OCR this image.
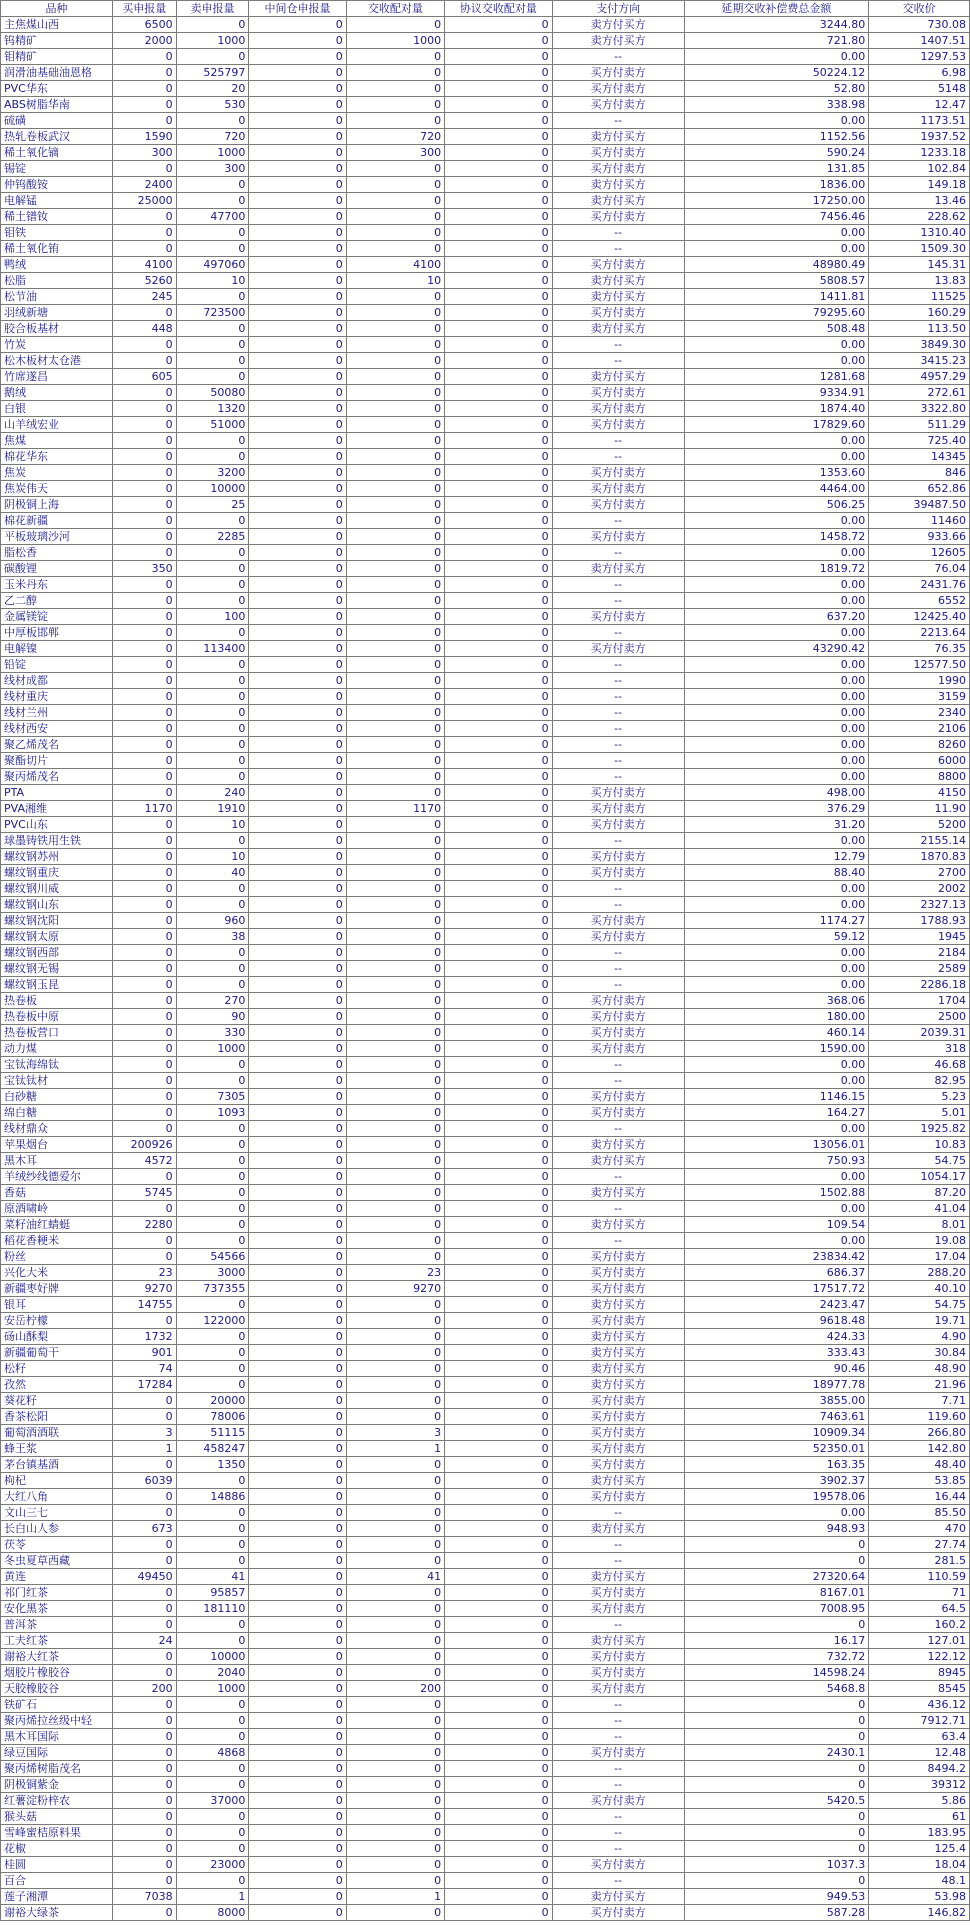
品种	买申报量	卖申报量	中间仓申报量	交收配对量	协议交收配对量	支付方向	延期交收补偿费总金额	交收价
主焦煤山西	6500	0	0	0	0	卖方付买方	3244.80	730.08
钨精矿	2000	1000	0	1000	0	卖方付买方	721.80	1407.51
钼精矿	0	0	0	0	0	--	0.00	1297.53
润滑油基础油恩格	0	525797	0	0	0	买方付卖方	50224.12	6.98
PVC华东	0	20	0	0	0	买方付卖方	52.80	5148
ABS树脂华南	0	530	0	0	0	买方付卖方	338.98	12.47
硫磺	0	0	0	0	0	--	0.00	1173.51
热轧卷板武汉	1590	720	0	720	0	卖方付买方	1152.56	1937.52
稀土氧化镝	300	1000	0	300	0	买方付卖方	590.24	1233.18
锡锭	0	300	0	0	0	买方付卖方	131.85	102.84
仲钨酸铵	2400	0	0	0	0	卖方付买方	1836.00	149.18
电解锰	25000	0	0	0	0	卖方付买方	17250.00	13.46
稀土镨钕	0	47700	0	0	0	买方付卖方	7456.46	228.62
钼铁	0	0	0	0	0	--	0.00	1310.40
稀土氧化铕	0	0	0	0	0	--	0.00	1509.30
鸭绒	4100	497060	0	4100	0	买方付卖方	48980.49	145.31
松脂	5260	10	0	10	0	卖方付买方	5808.57	13.83
松节油	245	0	0	0	0	卖方付买方	1411.81	11525
羽绒新塘	0	723500	0	0	0	买方付卖方	79295.60	160.29
胶合板基材	448	0	0	0	0	卖方付买方	508.48	113.50
竹炭	0	0	0	0	0	--	0.00	3849.30
松木板材太仓港	0	0	0	0	0	--	0.00	3415.23
竹席遂昌	605	0	0	0	0	卖方付买方	1281.68	4957.29
鹅绒	0	50080	0	0	0	买方付卖方	9334.91	272.61
白银	0	1320	0	0	0	买方付卖方	1874.40	3322.80
山羊绒宏业	0	51000	0	0	0	买方付卖方	17829.60	511.29
焦煤	0	0	0	0	0	--	0.00	725.40
棉花华东	0	0	0	0	0	--	0.00	14345
焦炭	0	3200	0	0	0	买方付卖方	1353.60	846
焦炭伟天	0	10000	0	0	0	买方付卖方	4464.00	652.86
阴极铜上海	0	25	0	0	0	买方付卖方	506.25	39487.50
棉花新疆	0	0	0	0	0	--	0.00	11460
平板玻璃沙河	0	2285	0	0	0	买方付卖方	1458.72	933.66
脂松香	0	0	0	0	0	--	0.00	12605
碳酸锂	350	0	0	0	0	卖方付买方	1819.72	76.04
玉米丹东	0	0	0	0	0	--	0.00	2431.76
乙二醇	0	0	0	0	0	--	0.00	6552
金属镁锭	0	100	0	0	0	买方付卖方	637.20	12425.40
中厚板邯郸	0	0	0	0	0	--	0.00	2213.64
电解镍	0	113400	0	0	0	买方付卖方	43290.42	76.35
铅锭	0	0	0	0	0	--	0.00	12577.50
线材成都	0	0	0	0	0	--	0.00	1990
线材重庆	0	0	0	0	0	--	0.00	3159
线材兰州	0	0	0	0	0	--	0.00	2340
线材西安	0	0	0	0	0	--	0.00	2106
聚乙烯茂名	0	0	0	0	0	--	0.00	8260
聚酯切片	0	0	0	0	0	--	0.00	6000
聚丙烯茂名	0	0	0	0	0	--	0.00	8800
PTA	0	240	0	0	0	买方付卖方	498.00	4150
PVA湘维	1170	1910	0	1170	0	买方付卖方	376.29	11.90
PVC山东	0	10	0	0	0	买方付卖方	31.20	5200
球墨铸铁用生铁	0	0	0	0	0	--	0.00	2155.14
螺纹钢苏州	0	10	0	0	0	买方付卖方	12.79	1870.83
螺纹钢重庆	0	40	0	0	0	买方付卖方	88.40	2700
螺纹钢川威	0	0	0	0	0	--	0.00	2002
螺纹钢山东	0	0	0	0	0	--	0.00	2327.13
螺纹钢沈阳	0	960	0	0	0	买方付卖方	1174.27	1788.93
螺纹钢太原	0	38	0	0	0	买方付卖方	59.12	1945
螺纹钢西部	0	0	0	0	0	--	0.00	2184
螺纹钢无锡	0	0	0	0	0	--	0.00	2589
螺纹钢玉昆	0	0	0	0	0	--	0.00	2286.18
热卷板	0	270	0	0	0	买方付卖方	368.06	1704
热卷板中原	0	90	0	0	0	买方付卖方	180.00	2500
热卷板营口	0	330	0	0	0	买方付卖方	460.14	2039.31
动力煤	0	1000	0	0	0	买方付卖方	1590.00	318
宝钛海绵钛	0	0	0	0	0	--	0.00	46.68
宝钛钛材	0	0	0	0	0	--	0.00	82.95
白砂糖	0	7305	0	0	0	买方付卖方	1146.15	5.23
绵白糖	0	1093	0	0	0	买方付卖方	164.27	5.01
线材鼎众	0	0	0	0	0	--	0.00	1925.82
苹果烟台	200926	0	0	0	0	卖方付买方	13056.01	10.83
黑木耳	4572	0	0	0	0	卖方付买方	750.93	54.75
羊绒纱线德爱尔	0	0	0	0	0	--	0.00	1054.17
香菇	5745	0	0	0	0	卖方付买方	1502.88	87.20
原酒啸岭	0	0	0	0	0	--	0.00	41.04
菜籽油红蜻蜓	2280	0	0	0	0	卖方付买方	109.54	8.01
稻花香粳米	0	0	0	0	0	--	0.00	19.08
粉丝	0	54566	0	0	0	买方付卖方	23834.42	17.04
兴化大米	23	3000	0	23	0	买方付卖方	686.37	288.20
新疆枣好牌	9270	737355	0	9270	0	买方付卖方	17517.72	40.10
银耳	14755	0	0	0	0	卖方付买方	2423.47	54.75
安岳柠檬	0	122000	0	0	0	买方付卖方	9618.48	19.71
砀山酥梨	1732	0	0	0	0	卖方付买方	424.33	4.90
新疆葡萄干	901	0	0	0	0	卖方付买方	333.43	30.84
松籽	74	0	0	0	0	卖方付买方	90.46	48.90
孜然	17284	0	0	0	0	卖方付买方	18977.78	21.96
葵花籽	0	20000	0	0	0	买方付卖方	3855.00	7.71
香茶松阳	0	78006	0	0	0	买方付卖方	7463.61	119.60
葡萄酒酒联	3	51115	0	3	0	买方付卖方	10909.34	266.80
蜂王浆	1	458247	0	1	0	买方付卖方	52350.01	142.80
茅台镇基酒	0	1350	0	0	0	买方付卖方	163.35	48.40
枸杞	6039	0	0	0	0	卖方付买方	3902.37	53.85
大红八角	0	14886	0	0	0	买方付卖方	19578.06	16.44
文山三七	0	0	0	0	0	--	0.00	85.50
长白山人参	673	0	0	0	0	卖方付买方	948.93	470
茯苓	0	0	0	0	0	--	0	27.74
冬虫夏草西藏	0	0	0	0	0	--	0	281.5
黄连	49450	41	0	41	0	卖方付买方	27320.64	110.59
祁门红茶	0	95857	0	0	0	买方付卖方	8167.01	71
安化黑茶	0	181110	0	0	0	买方付卖方	7008.95	64.5
普洱茶	0	0	0	0	0	--	0	160.2
工夫红茶	24	0	0	0	0	卖方付买方	16.17	127.01
谢裕大红茶	0	10000	0	0	0	买方付卖方	732.72	122.12
烟胶片橡胶谷	0	2040	0	0	0	买方付卖方	14598.24	8945
天胶橡胶谷	200	1000	0	200	0	买方付卖方	5468.8	8545
铁矿石	0	0	0	0	0	--	0	436.12
聚丙烯拉丝级中轻	0	0	0	0	0	--	0	7912.71
黑木耳国际	0	0	0	0	0	--	0	63.4
绿豆国际	0	4868	0	0	0	买方付卖方	2430.1	12.48
聚丙烯树脂茂名	0	0	0	0	0	--	0	8494.2
阴极铜紫金	0	0	0	0	0	--	0	39312
红薯淀粉梓农	0	37000	0	0	0	买方付卖方	5420.5	5.86
猴头菇	0	0	0	0	0	--	0	61
雪峰蜜桔原料果	0	0	0	0	0	--	0	183.95
花椒	0	0	0	0	0	--	0	125.4
桂圆	0	23000	0	0	0	买方付卖方	1037.3	18.04
百合	0	0	0	0	0	--	0	48.1
莲子湘潭	7038	1	0	1	0	卖方付买方	949.53	53.98
谢裕大绿茶	0	8000	0	0	0	买方付卖方	587.28	146.82
